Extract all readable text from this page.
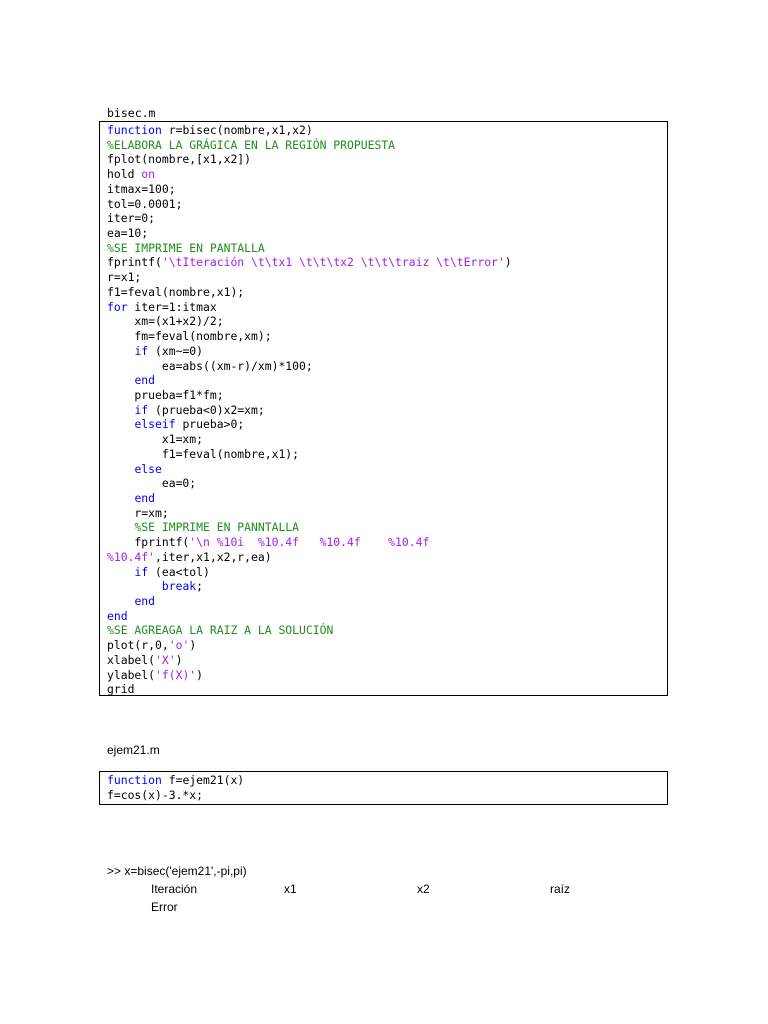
bisec.m
function r=bisec(nombre,x1,x2)
%ELABORA LA GRÁGICA EN LA REGIÓN PROPUESTA
fplot(nombre,[x1,x2])
hold on
itmax=100;
tol=0.0001;
iter=0;
ea=10;
%SE IMPRIME EN PANTALLA
fprintf('\tIteración \t\tx1 \t\t\tx2 \t\t\traiz \t\tError')
r=x1;
f1=feval(nombre,x1);
for iter=1:itmax
xm=(x1+x2)/2;
fm=feval(nombre,xm);
if (xm~=0)
ea=abs((xm-r)/xm)*100;
end
prueba=f1*fm;
if (prueba<0)x2=xm;
elseif prueba>0;
x1=xm;
f1=feval(nombre,x1);
else
ea=0;
end
r=xm;
%SE IMPRIME EN PANNTALLA
fprintf('\n %10i  %10.4f   %10.4f    %10.4f
%10.4f',iter,x1,x2,r,ea)
if (ea<tol)
break;
end
end
%SE AGREAGA LA RAIZ A LA SOLUCIÓN
plot(r,0,'o')
xlabel('X')
ylabel('f(X)')
grid
ejem21.m
function f=ejem21(x)
f=cos(x)-3.*x;
>> x=bisec('ejem21',-pi,pi)
Iteración	x1	x2	raíz
Error
